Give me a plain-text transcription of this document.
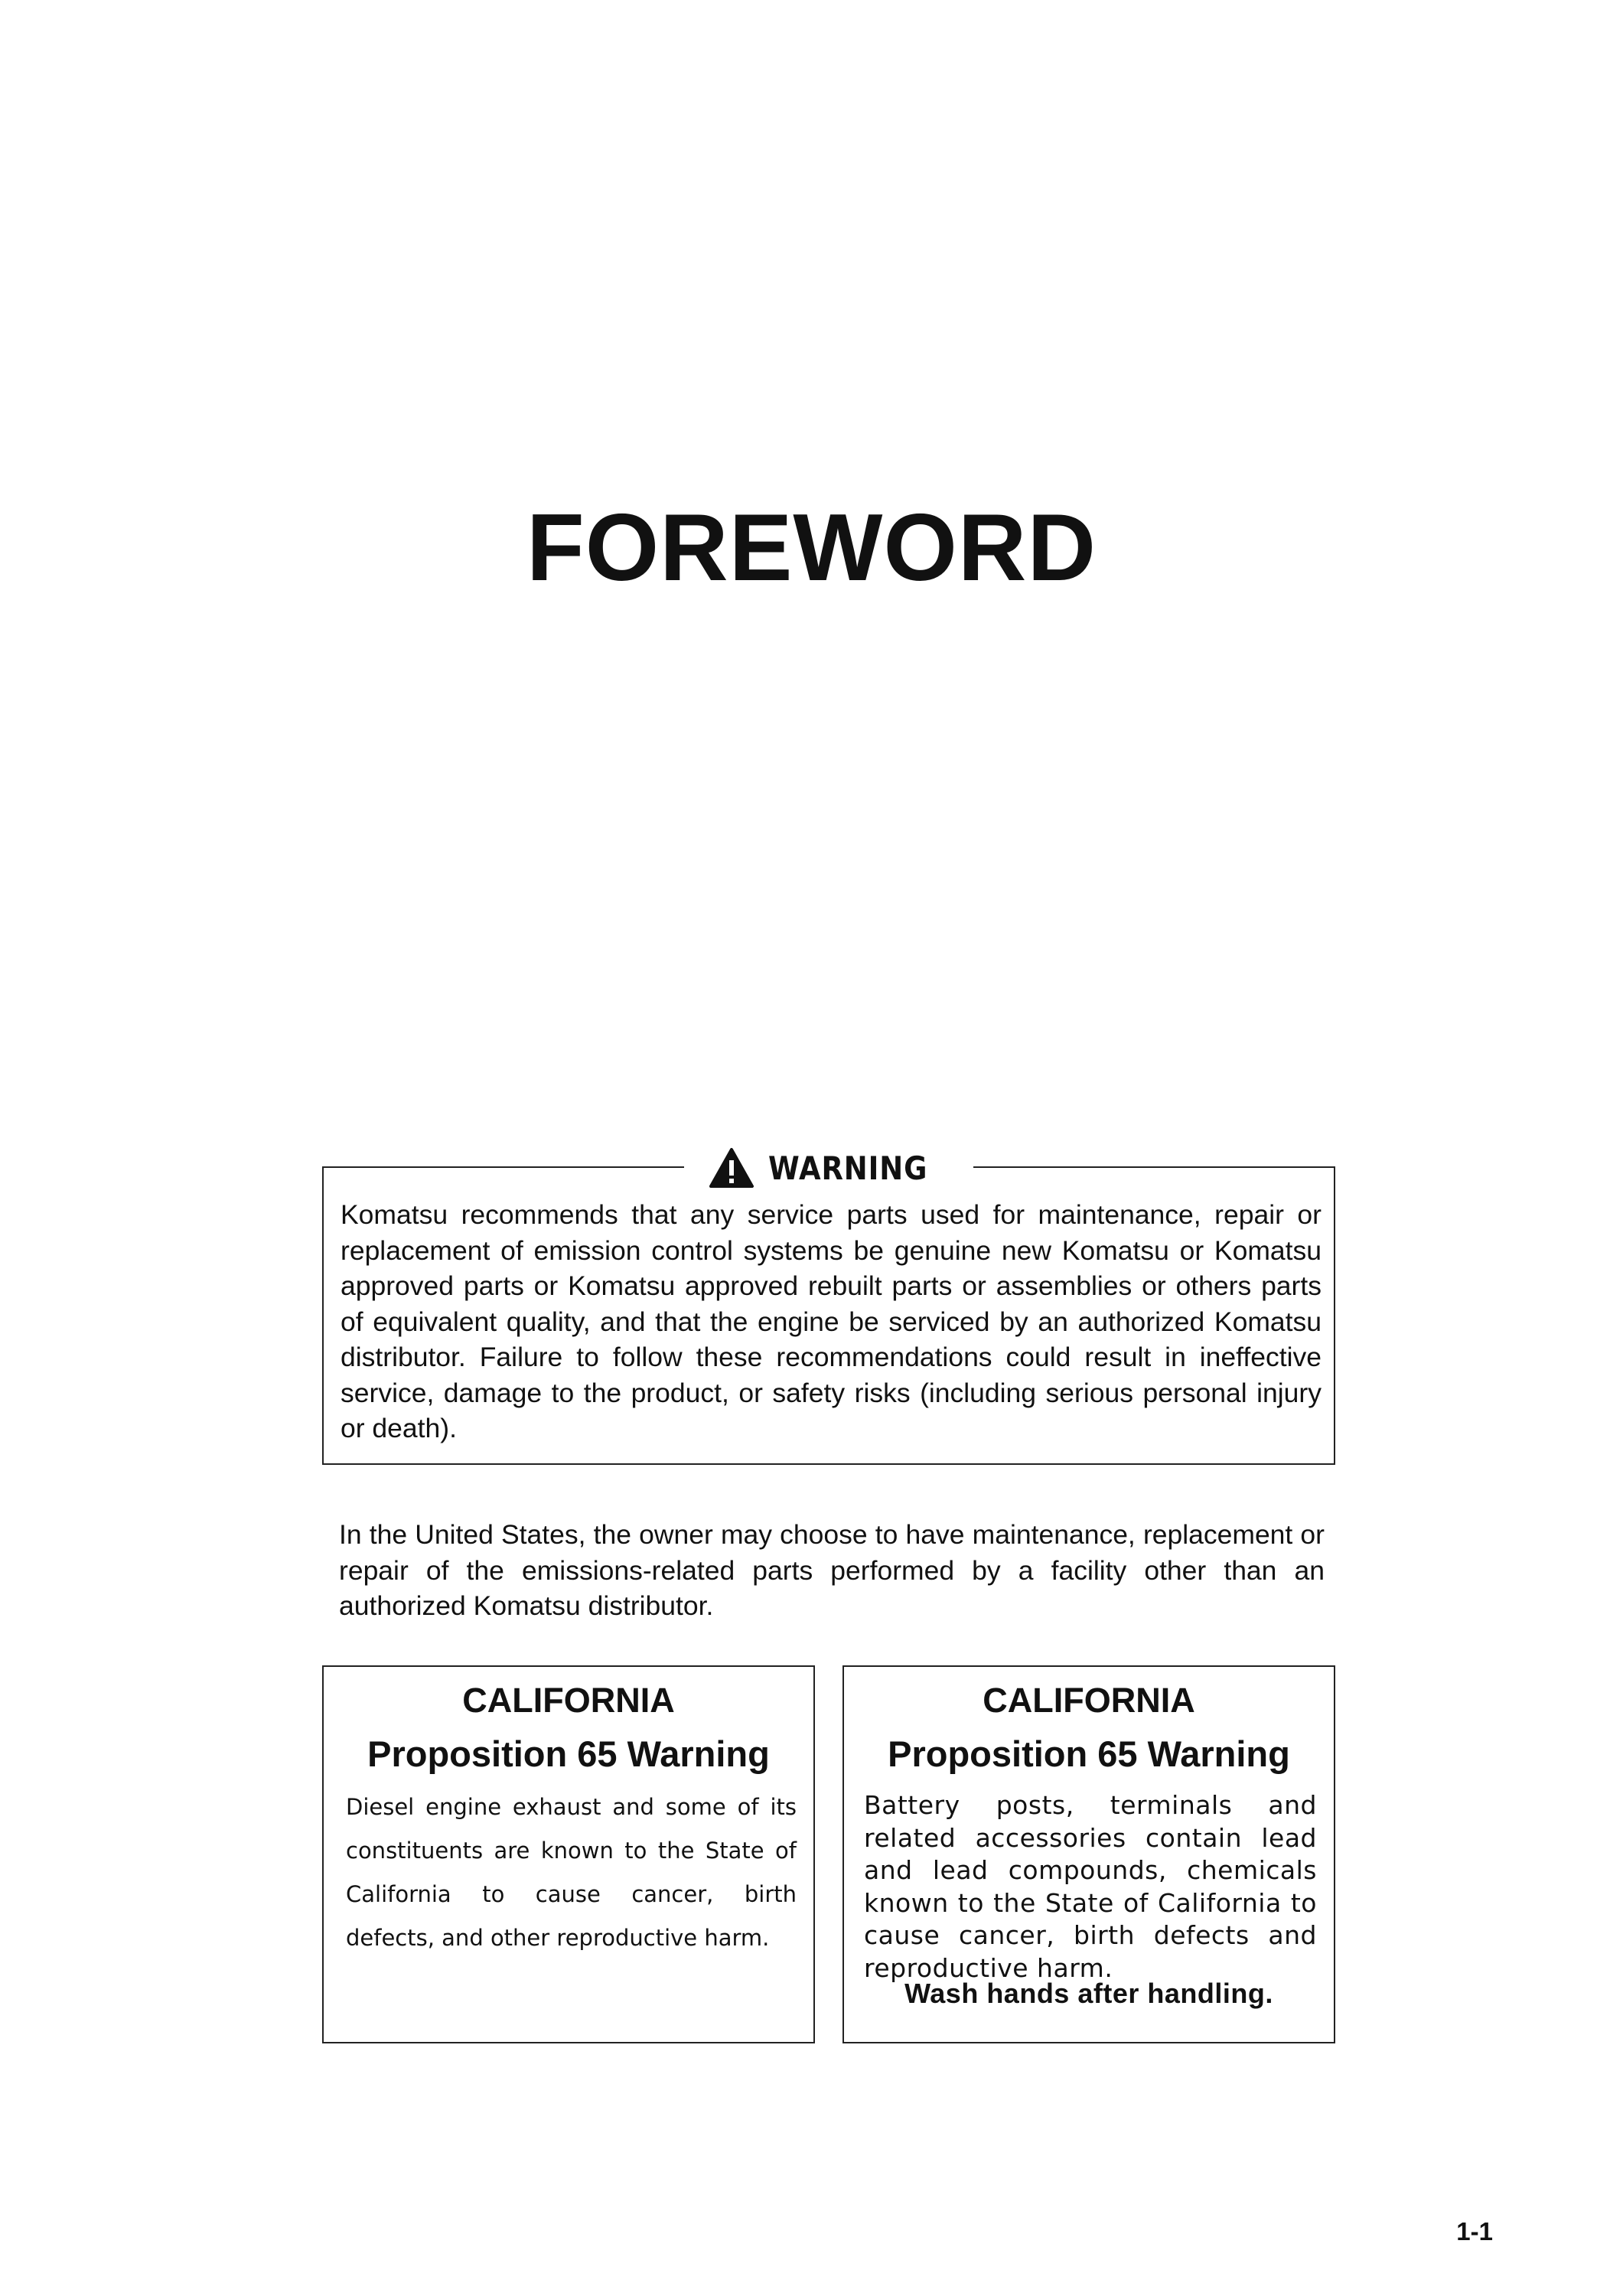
FOREWORD
WARNING
Komatsu recommends that any service parts used for maintenance, repair or replacement of emission control systems be genuine new Komatsu or Komatsu approved parts or Komatsu approved rebuilt parts or assemblies or others parts of equivalent quality, and that the engine be serviced by an authorized Komatsu distributor. Failure to follow these recommendations could result in ineffective service, damage to the product, or safety risks (including serious personal injury or death).
In the United States, the owner may choose to have maintenance, replacement or repair of the emissions-related parts performed by a facility other than an authorized Komatsu distributor.
CALIFORNIA
Proposition 65 Warning
Diesel engine exhaust and some of its constituents are known to the State of California to cause cancer, birth defects, and other reproductive harm.
CALIFORNIA
Proposition 65 Warning
Battery posts, terminals and related accessories contain lead and lead compounds, chemicals known to the State of California to cause cancer, birth defects and reproductive harm.
Wash hands after handling.
1-1
